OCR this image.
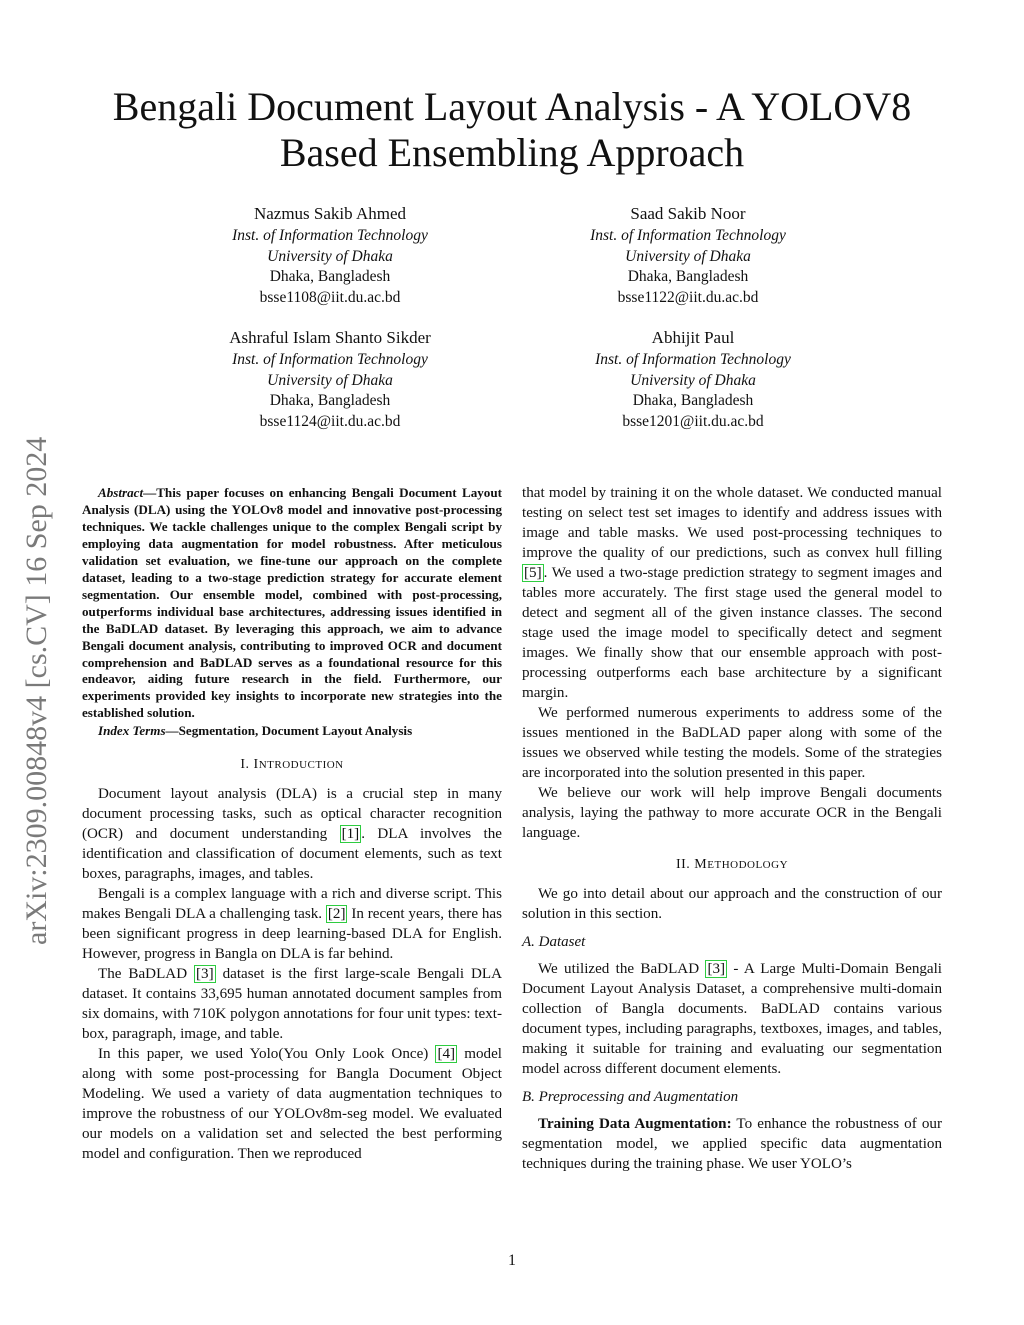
arXiv:2309.00848v4 [cs.CV] 16 Sep 2024
Bengali Document Layout Analysis - A YOLOV8
Based Ensembling Approach
Nazmus Sakib Ahmed
Inst. of Information Technology
University of Dhaka
Dhaka, Bangladesh
bsse1108@iit.du.ac.bd
Saad Sakib Noor
Inst. of Information Technology
University of Dhaka
Dhaka, Bangladesh
bsse1122@iit.du.ac.bd
Ashraful Islam Shanto Sikder
Inst. of Information Technology
University of Dhaka
Dhaka, Bangladesh
bsse1124@iit.du.ac.bd
Abhijit Paul
Inst. of Information Technology
University of Dhaka
Dhaka, Bangladesh
bsse1201@iit.du.ac.bd
Abstract—This paper focuses on enhancing Bengali Document Layout Analysis (DLA) using the YOLOv8 model and innovative post-processing techniques. We tackle challenges unique to the complex Bengali script by employing data augmentation for model robustness. After meticulous validation set evaluation, we fine-tune our approach on the complete dataset, leading to a two-stage prediction strategy for accurate element segmentation. Our ensemble model, combined with post-processing, outperforms individual base architectures, addressing issues identified in the BaDLAD dataset. By leveraging this approach, we aim to advance Bengali document analysis, contributing to improved OCR and document comprehension and BaDLAD serves as a foundational resource for this endeavor, aiding future research in the field. Furthermore, our experiments provided key insights to incorporate new strategies into the established solution.
Index Terms—Segmentation, Document Layout Analysis
I. INTRODUCTION

Document layout analysis (DLA) is a crucial step in many document processing tasks, such as optical character recognition (OCR) and document understanding [1] . DLA involves the identification and classification of document elements, such as text boxes, paragraphs, images, and tables.

Bengali is a complex language with a rich and diverse script. This makes Bengali DLA a challenging task. [2] In recent years, there has been significant progress in deep learning-based DLA for English. However, progress in Bangla on DLA is far behind.

The BaDLAD [3] dataset is the first large-scale Bengali DLA dataset. It contains 33,695 human annotated document samples from six domains, with 710K polygon annotations for four unit types: text-box, paragraph, image, and table.

In this paper, we used Yolo(You Only Look Once) [4] model along with some post-processing for Bangla Document Object Modeling. We used a variety of data augmentation techniques to improve the robustness of our YOLOv8m-seg model. We evaluated our models on a validation set and selected the best performing model and configuration. Then we reproduced

that model by training it on the whole dataset. We conducted manual testing on select test set images to identify and address issues with image and table masks. We used post-processing techniques to improve the quality of our predictions, such as convex hull filling [5] . We used a two-stage prediction strategy to segment images and tables more accurately. The first stage used the general model to detect and segment all of the given instance classes. The second stage used the image model to specifically detect and segment images. We finally show that our ensemble approach with post-processing outperforms each base architecture by a significant margin.

We performed numerous experiments to address some of the issues mentioned in the BaDLAD paper along with some of the issues we observed while testing the models. Some of the strategies are incorporated into the solution presented in this paper.

We believe our work will help improve Bengali documents analysis, laying the pathway to more accurate OCR in the Bengali language.

II. METHODOLOGY

We go into detail about our approach and the construction of our solution in this section.

A. Dataset

We utilized the BaDLAD [3] - A Large Multi-Domain Bengali Document Layout Analysis Dataset, a comprehensive multi-domain collection of Bangla documents. BaDLAD contains various document types, including paragraphs, textboxes, images, and tables, making it suitable for training and evaluating our segmentation model across different document elements.

B. Preprocessing and Augmentation

Training Data Augmentation: To enhance the robustness of our segmentation model, we applied specific data augmentation techniques during the training phase. We user YOLO’s

1
